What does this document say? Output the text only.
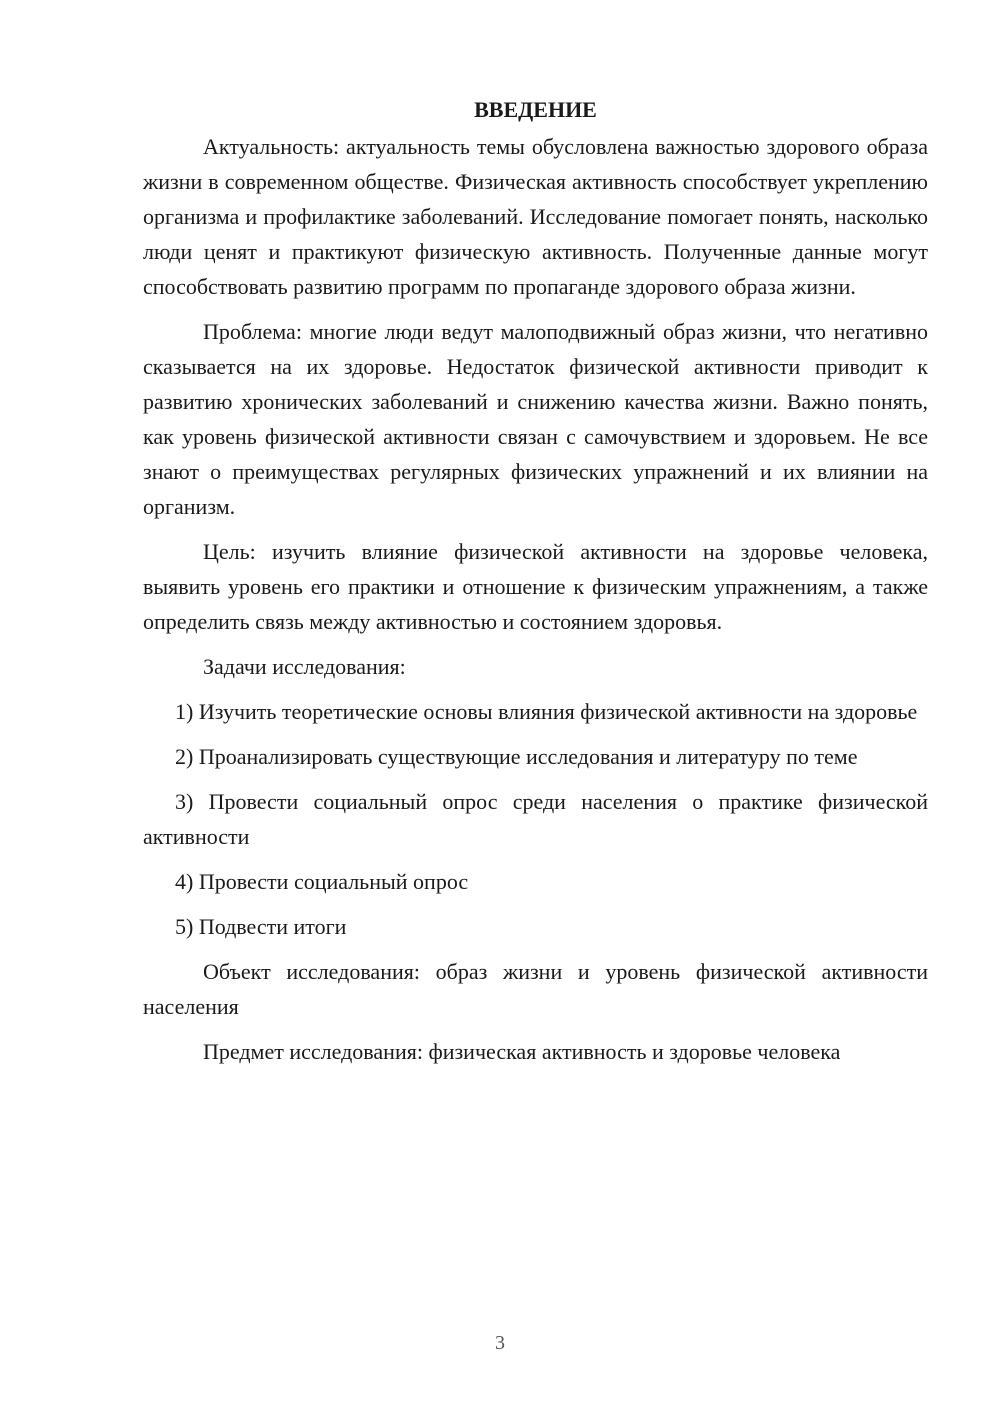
ВВЕДЕНИЕ

Актуальность: актуальность темы обусловлена важностью здорового образа жизни в современном обществе. Физическая активность способствует укреплению организма и профилактике заболеваний. Исследование помогает понять, насколько люди ценят и практикуют физическую активность. Полученные данные могут способствовать развитию программ по пропаганде здорового образа жизни.

Проблема: многие люди ведут малоподвижный образ жизни, что негативно сказывается на их здоровье. Недостаток физической активности приводит к развитию хронических заболеваний и снижению качества жизни. Важно понять, как уровень физической активности связан с самочувствием и здоровьем. Не все знают о преимуществах регулярных физических упражнений и их влиянии на организм.

Цель: изучить влияние физической активности на здоровье человека, выявить уровень его практики и отношение к физическим упражнениям, а также определить связь между активностью и состоянием здоровья.

Задачи исследования:

1) Изучить теоретические основы влияния физической активности на здоровье

2) Проанализировать существующие исследования и литературу по теме

3) Провести социальный опрос среди населения о практике физической активности

4) Провести социальный опрос

5) Подвести итоги

Объект исследования: образ жизни и уровень физической активности населения

Предмет исследования: физическая активность и здоровье человека

3
